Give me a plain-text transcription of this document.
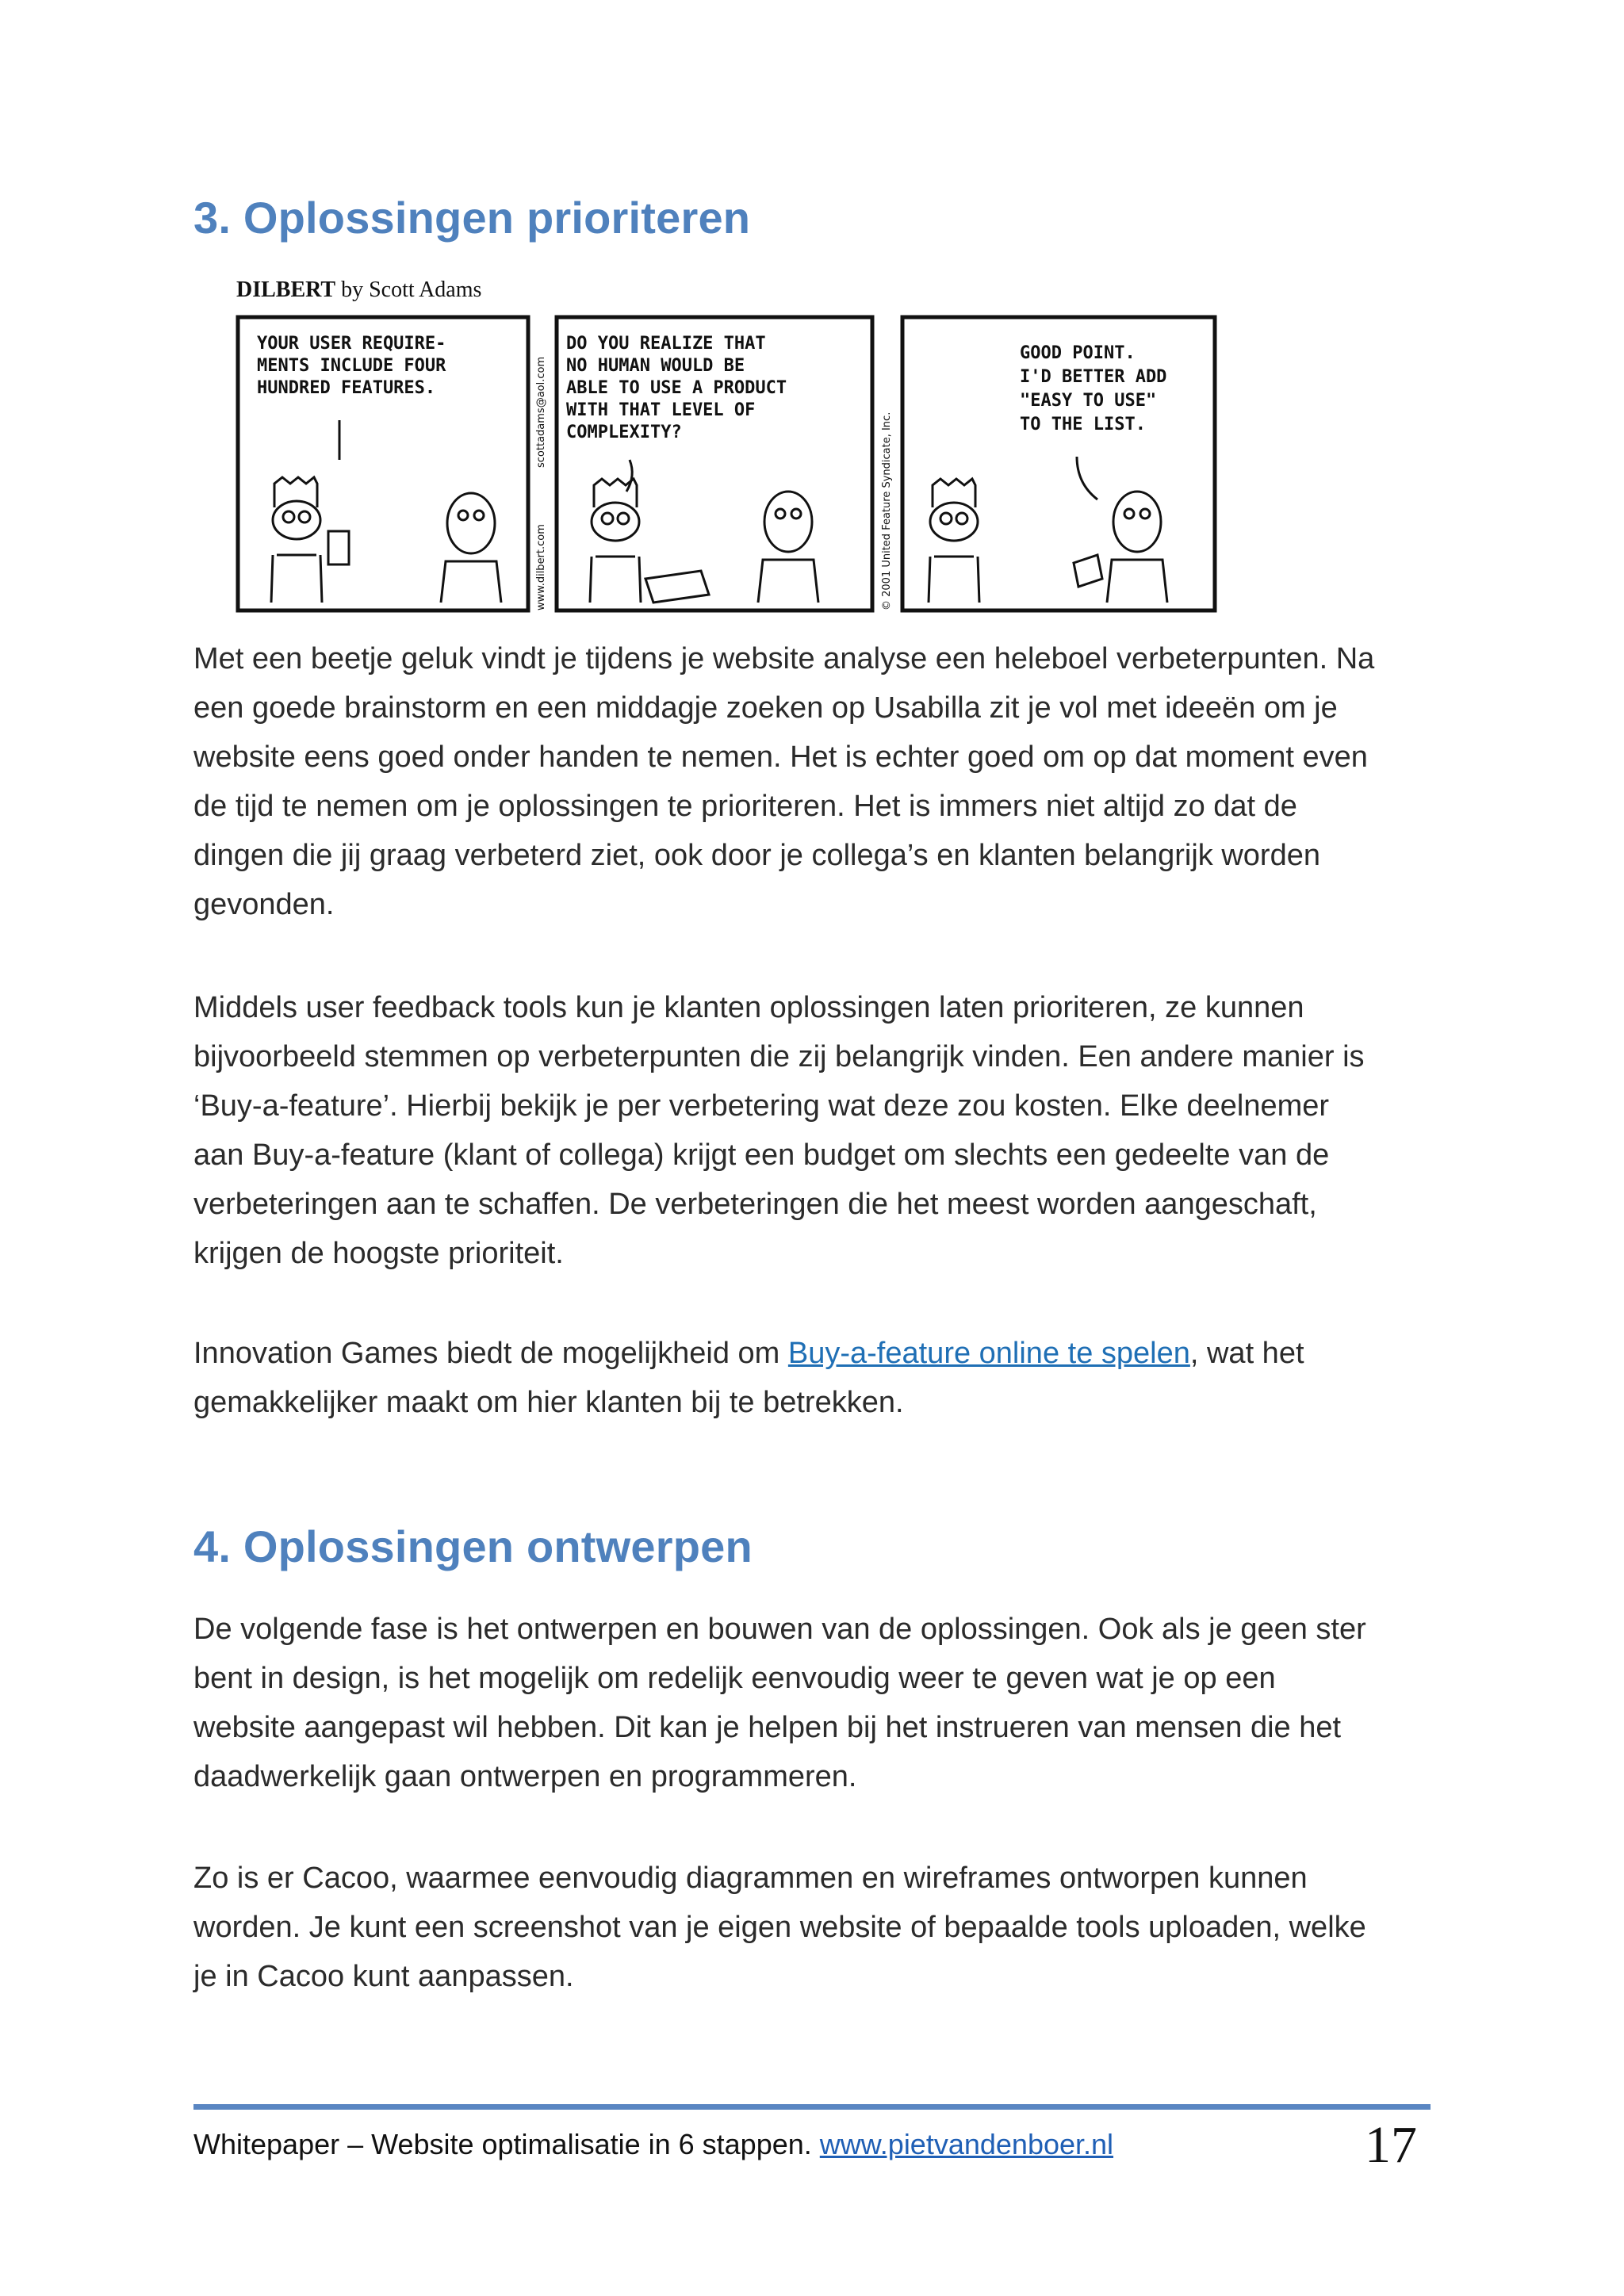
3. Oplossingen prioriteren
DILBERT by Scott Adams
YOUR USER REQUIRE- MENTS INCLUDE FOUR HUNDRED FEATURES.
www.dilbert.com
scottadams@aol.com
DO YOU REALIZE THAT NO HUMAN WOULD BE ABLE TO USE A PRODUCT WITH THAT LEVEL OF COMPLEXITY?	© 2001 United Feature Syndicate, Inc.
GOOD POINT. I'D BETTER ADD "EASY TO USE" TO THE LIST.
Met een beetje geluk vindt je tijdens je website analyse een heleboel verbeterpunten. Na
een goede brainstorm en een middagje zoeken op Usabilla zit je vol met ideeën om je
website eens goed onder handen te nemen. Het is echter goed om op dat moment even
de tijd te nemen om je oplossingen te prioriteren. Het is immers niet altijd zo dat de
dingen die jij graag verbeterd ziet, ook door je collega’s en klanten belangrijk worden
gevonden.
Middels user feedback tools kun je klanten oplossingen laten prioriteren, ze kunnen
bijvoorbeeld stemmen op verbeterpunten die zij belangrijk vinden. Een andere manier is
‘Buy-a-feature’. Hierbij bekijk je per verbetering wat deze zou kosten. Elke deelnemer
aan Buy-a-feature (klant of collega) krijgt een budget om slechts een gedeelte van de
verbeteringen aan te schaffen. De verbeteringen die het meest worden aangeschaft,
krijgen de hoogste prioriteit.
Innovation Games biedt de mogelijkheid om Buy-a-feature online te spelen, wat het
gemakkelijker maakt om hier klanten bij te betrekken.
4. Oplossingen ontwerpen
De volgende fase is het ontwerpen en bouwen van de oplossingen. Ook als je geen ster
bent in design, is het mogelijk om redelijk eenvoudig weer te geven wat je op een
website aangepast wil hebben. Dit kan je helpen bij het instrueren van mensen die het
daadwerkelijk gaan ontwerpen en programmeren.
Zo is er Cacoo, waarmee eenvoudig diagrammen en wireframes ontworpen kunnen
worden. Je kunt een screenshot van je eigen website of bepaalde tools uploaden, welke
je in Cacoo kunt aanpassen.
Whitepaper – Website optimalisatie in 6 stappen. www.pietvandenboer.nl	17
